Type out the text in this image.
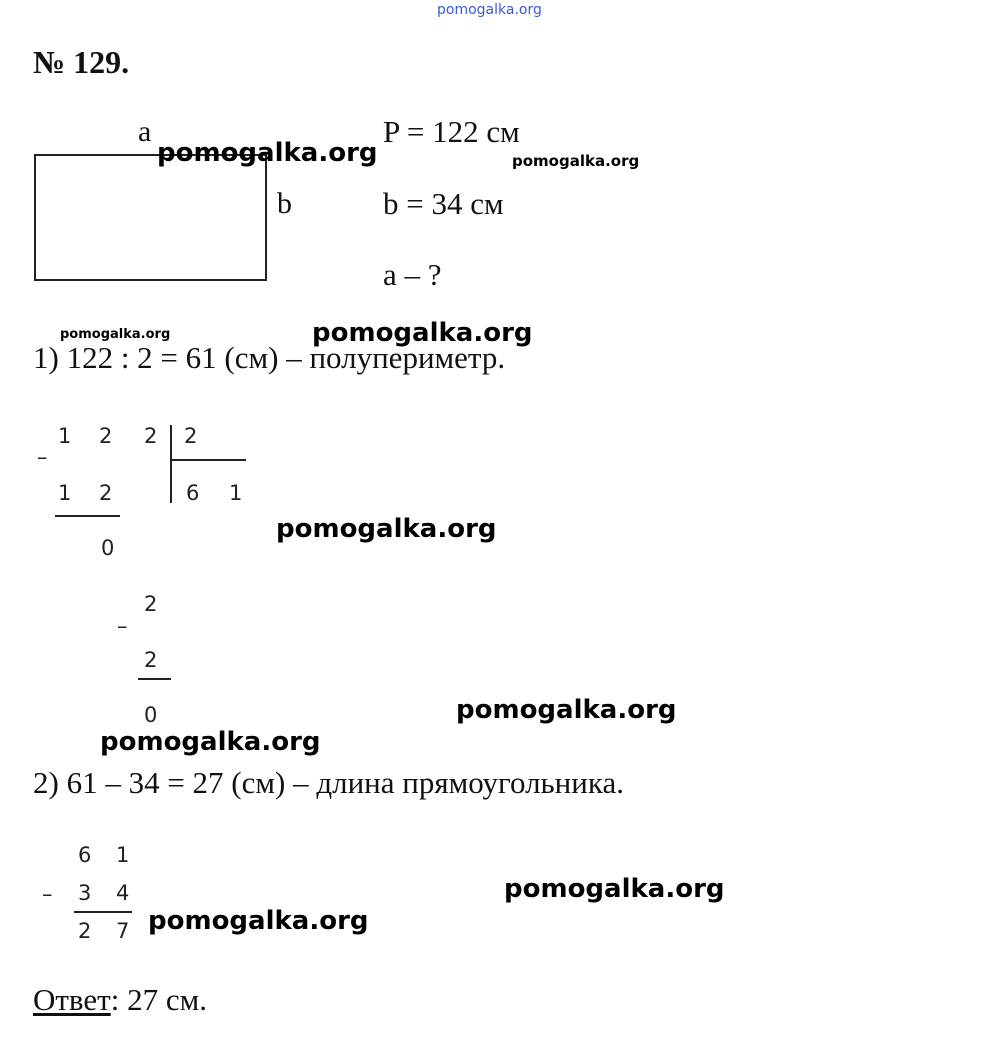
pomogalka.org
№ 129.
a
b
P = 122 см
b = 34 см
a – ?
1) 122 : 2 = 61 (см) – полупериметр.
–
1 2 2 2
6 1
1 2
0
–
2
2
0
2) 61 – 34 = 27 (см) – длина прямоугольника.
6 1
– 3 4
2 7
Ответ: 27 см.
pomogalka.org	pomogalka.org
pomogalka.org	pomogalka.org
pomogalka.org
pomogalka.org
pomogalka.org
pomogalka.org
pomogalka.org
